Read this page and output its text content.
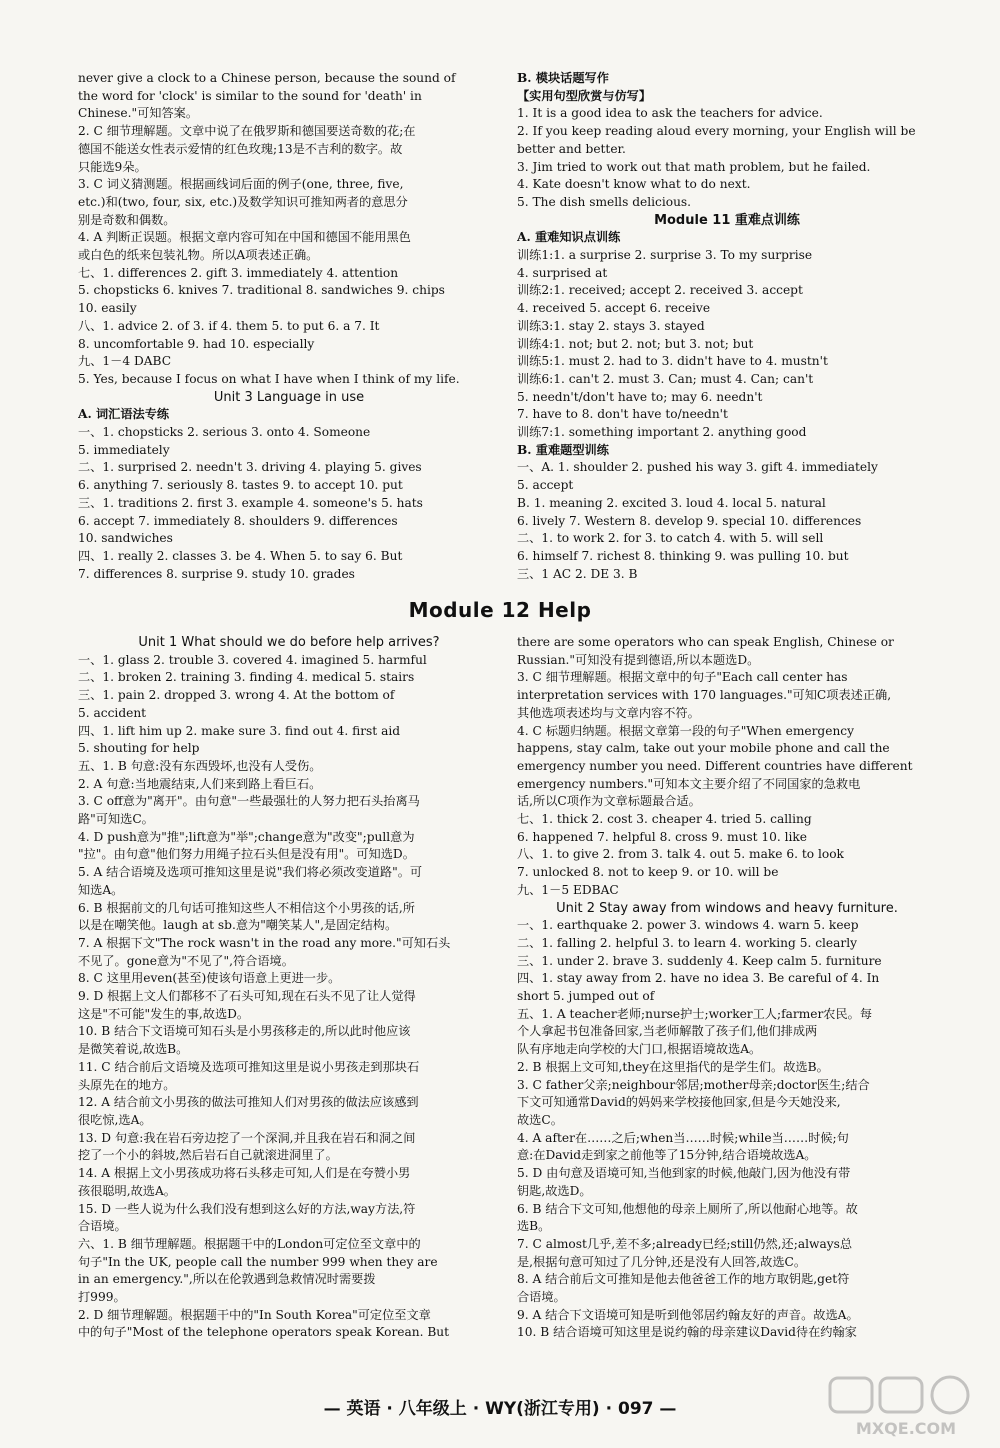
never give a clock to a Chinese person, because the sound of
the word for 'clock' is similar to the sound for 'death' in
Chinese."可知答案。
2. C 细节理解题。文章中说了在俄罗斯和德国要送奇数的花;在
德国不能送女性表示爱情的红色玫瑰;13是不吉利的数字。故
只能选9朵。
3. C 词义猜测题。根据画线词后面的例子(one, three, five,
etc.)和(two, four, six, etc.)及数学知识可推知两者的意思分
别是奇数和偶数。
4. A 判断正误题。根据文章内容可知在中国和德国不能用黑色
或白色的纸来包装礼物。所以A项表述正确。
七、1. differences 2. gift 3. immediately 4. attention
5. chopsticks 6. knives 7. traditional 8. sandwiches 9. chips
10. easily
八、1. advice 2. of 3. if 4. them 5. to put 6. a 7. It
8. uncomfortable 9. had 10. especially
九、1－4 DABC
5. Yes, because I focus on what I have when I think of my life.
Unit 3 Language in use
A. 词汇语法专练
一、1. chopsticks 2. serious 3. onto 4. Someone
5. immediately
二、1. surprised 2. needn't 3. driving 4. playing 5. gives
6. anything 7. seriously 8. tastes 9. to accept 10. put
三、1. traditions 2. first 3. example 4. someone's 5. hats
6. accept 7. immediately 8. shoulders 9. differences
10. sandwiches
四、1. really 2. classes 3. be 4. When 5. to say 6. But
7. differences 8. surprise 9. study 10. grades
B. 模块话题写作
【实用句型欣赏与仿写】
1. It is a good idea to ask the teachers for advice.
2. If you keep reading aloud every morning, your English will be
better and better.
3. Jim tried to work out that math problem, but he failed.
4. Kate doesn't know what to do next.
5. The dish smells delicious.
Module 11 重难点训练
A. 重难知识点训练
训练1:1. a surprise 2. surprise 3. To my surprise
4. surprised at
训练2:1. received; accept 2. received 3. accept
4. received 5. accept 6. receive
训练3:1. stay 2. stays 3. stayed
训练4:1. not; but 2. not; but 3. not; but
训练5:1. must 2. had to 3. didn't have to 4. mustn't
训练6:1. can't 2. must 3. Can; must 4. Can; can't
5. needn't/don't have to; may 6. needn't
7. have to 8. don't have to/needn't
训练7:1. something important 2. anything good
B. 重难题型训练
一、A. 1. shoulder 2. pushed his way 3. gift 4. immediately
5. accept
B. 1. meaning 2. excited 3. loud 4. local 5. natural
6. lively 7. Western 8. develop 9. special 10. differences
二、1. to work 2. for 3. to catch 4. with 5. will sell
6. himself 7. richest 8. thinking 9. was pulling 10. but
三、1 AC 2. DE 3. B
Module 12 Help
Unit 1 What should we do before help arrives?
一、1. glass 2. trouble 3. covered 4. imagined 5. harmful
二、1. broken 2. training 3. finding 4. medical 5. stairs
三、1. pain 2. dropped 3. wrong 4. At the bottom of
5. accident
四、1. lift him up 2. make sure 3. find out 4. first aid
5. shouting for help
五、1. B 句意:没有东西毁坏,也没有人受伤。
2. A 句意:当地震结束,人们来到路上看巨石。
3. C off意为"离开"。由句意"一些最强壮的人努力把石头抬离马
路"可知选C。
4. D push意为"推";lift意为"举";change意为"改变";pull意为
"拉"。由句意"他们努力用绳子拉石头但是没有用"。可知选D。
5. A 结合语境及选项可推知这里是说"我们将必须改变道路"。可
知选A。
6. B 根据前文的几句话可推知这些人不相信这个小男孩的话,所
以是在嘲笑他。laugh at sb.意为"嘲笑某人",是固定结构。
7. A 根据下文"The rock wasn't in the road any more."可知石头
不见了。gone意为"不见了",符合语境。
8. C 这里用even(甚至)使该句语意上更进一步。
9. D 根据上文人们都移不了石头可知,现在石头不见了让人觉得
这是"不可能"发生的事,故选D。
10. B 结合下文语境可知石头是小男孩移走的,所以此时他应该
是微笑着说,故选B。
11. C 结合前后文语境及选项可推知这里是说小男孩走到那块石
头原先在的地方。
12. A 结合前文小男孩的做法可推知人们对男孩的做法应该感到
很吃惊,选A。
13. D 句意:我在岩石旁边挖了一个深洞,并且我在岩石和洞之间
挖了一个小的斜坡,然后岩石自己就滚进洞里了。
14. A 根据上文小男孩成功将石头移走可知,人们是在夸赞小男
孩很聪明,故选A。
15. D 一些人说为什么我们没有想到这么好的方法,way方法,符
合语境。
六、1. B 细节理解题。根据题干中的London可定位至文章中的
句子"In the UK, people call the number 999 when they are
in an emergency.",所以在伦敦遇到急救情况时需要拨
打999。
2. D 细节理解题。根据题干中的"In South Korea"可定位至文章
中的句子"Most of the telephone operators speak Korean. But
there are some operators who can speak English, Chinese or
Russian."可知没有提到德语,所以本题选D。
3. C 细节理解题。根据文章中的句子"Each call center has
interpretation services with 170 languages."可知C项表述正确,
其他选项表述均与文章内容不符。
4. C 标题归纳题。根据文章第一段的句子"When emergency
happens, stay calm, take out your mobile phone and call the
emergency number you need. Different countries have different
emergency numbers."可知本文主要介绍了不同国家的急救电
话,所以C项作为文章标题最合适。
七、1. thick 2. cost 3. cheaper 4. tried 5. calling
6. happened 7. helpful 8. cross 9. must 10. like
八、1. to give 2. from 3. talk 4. out 5. make 6. to look
7. unlocked 8. not to keep 9. or 10. will be
九、1－5 EDBAC
Unit 2 Stay away from windows and heavy furniture.
一、1. earthquake 2. power 3. windows 4. warn 5. keep
二、1. falling 2. helpful 3. to learn 4. working 5. clearly
三、1. under 2. brave 3. suddenly 4. Keep calm 5. furniture
四、1. stay away from 2. have no idea 3. Be careful of 4. In
short 5. jumped out of
五、1. A teacher老师;nurse护士;worker工人;farmer农民。每
个人拿起书包准备回家,当老师解散了孩子们,他们排成两
队有序地走向学校的大门口,根据语境故选A。
2. B 根据上文可知,they在这里指代的是学生们。故选B。
3. C father父亲;neighbour邻居;mother母亲;doctor医生;结合
下文可知通常David的妈妈来学校接他回家,但是今天她没来,
故选C。
4. A after在……之后;when当……时候;while当……时候;句
意:在David走到家之前他等了15分钟,结合语境故选A。
5. D 由句意及语境可知,当他到家的时候,他敲门,因为他没有带
钥匙,故选D。
6. B 结合下文可知,他想他的母亲上厕所了,所以他耐心地等。故
选B。
7. C almost几乎,差不多;already已经;still仍然,还;always总
是,根据句意可知过了几分钟,还是没有人回答,故选C。
8. A 结合前后文可推知是他去他爸爸工作的地方取钥匙,get符
合语境。
9. A 结合下文语境可知是听到他邻居约翰友好的声音。故选A。
10. B 结合语境可知这里是说约翰的母亲建议David待在约翰家
— 英语 · 八年级上 · WY(浙江专用) · 097 —
MXQE.COM
